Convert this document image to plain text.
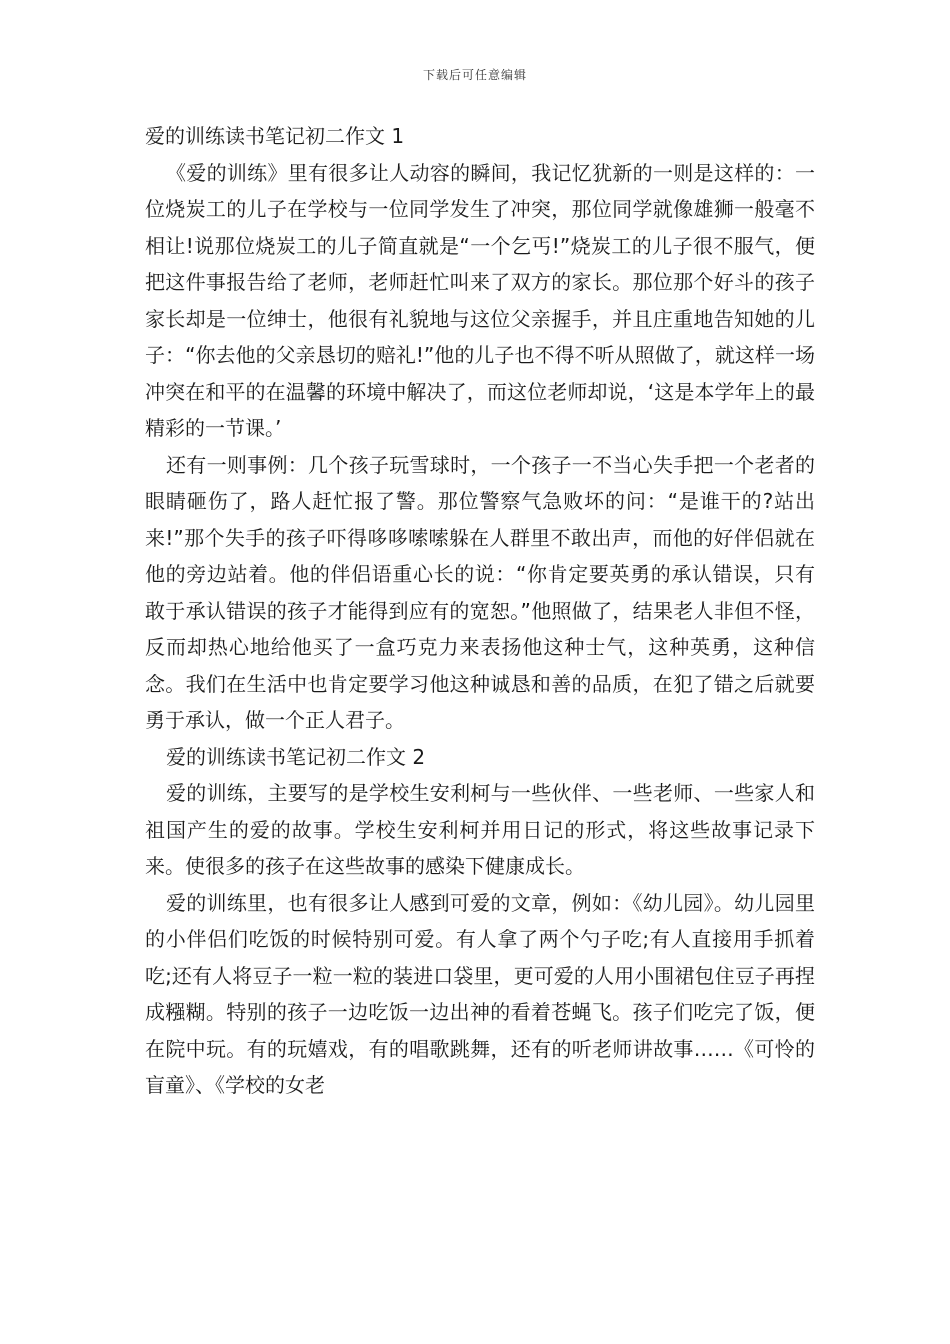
下载后可任意编辑
爱的训练读书笔记初二作文 1

《爱的训练》里有很多让人动容的瞬间，我记忆犹新的一则是这样的：一位烧炭工的儿子在学校与一位同学发生了冲突，那位同学就像雄狮一般毫不相让!说那位烧炭工的儿子简直就是“一个乞丐!”烧炭工的儿子很不服气，便把这件事报告给了老师，老师赶忙叫来了双方的家长。那位那个好斗的孩子家长却是一位绅士，他很有礼貌地与这位父亲握手，并且庄重地告知她的儿子：“你去他的父亲恳切的赔礼!”他的儿子也不得不听从照做了，就这样一场冲突在和平的在温馨的环境中解决了，而这位老师却说，‘这是本学年上的最精彩的一节课。’

还有一则事例：几个孩子玩雪球时，一个孩子一不当心失手把一个老者的眼睛砸伤了，路人赶忙报了警。那位警察气急败坏的问：“是谁干的?站出来!”那个失手的孩子吓得哆哆嗦嗦躲在人群里不敢出声，而他的好伴侣就在他的旁边站着。他的伴侣语重心长的说：“你肯定要英勇的承认错误，只有敢于承认错误的孩子才能得到应有的宽恕。”他照做了，结果老人非但不怪，反而却热心地给他买了一盒巧克力来表扬他这种士气，这种英勇，这种信念。我们在生活中也肯定要学习他这种诚恳和善的品质，在犯了错之后就要勇于承认，做一个正人君子。

爱的训练读书笔记初二作文 2

爱的训练，主要写的是学校生安利柯与一些伙伴、一些老师、一些家人和祖国产生的爱的故事。学校生安利柯并用日记的形式，将这些故事记录下来。使很多的孩子在这些故事的感染下健康成长。

爱的训练里，也有很多让人感到可爱的文章，例如：《幼儿园》。幼儿园里的小伴侣们吃饭的时候特别可爱。有人拿了两个勺子吃;有人直接用手抓着吃;还有人将豆子一粒一粒的装进口袋里，更可爱的人用小围裙包住豆子再捏成糨糊。特别的孩子一边吃饭一边出神的看着苍蝇飞。孩子们吃完了饭，便在院中玩。有的玩嬉戏，有的唱歌跳舞，还有的听老师讲故事……《可怜的盲童》、《学校的女老
